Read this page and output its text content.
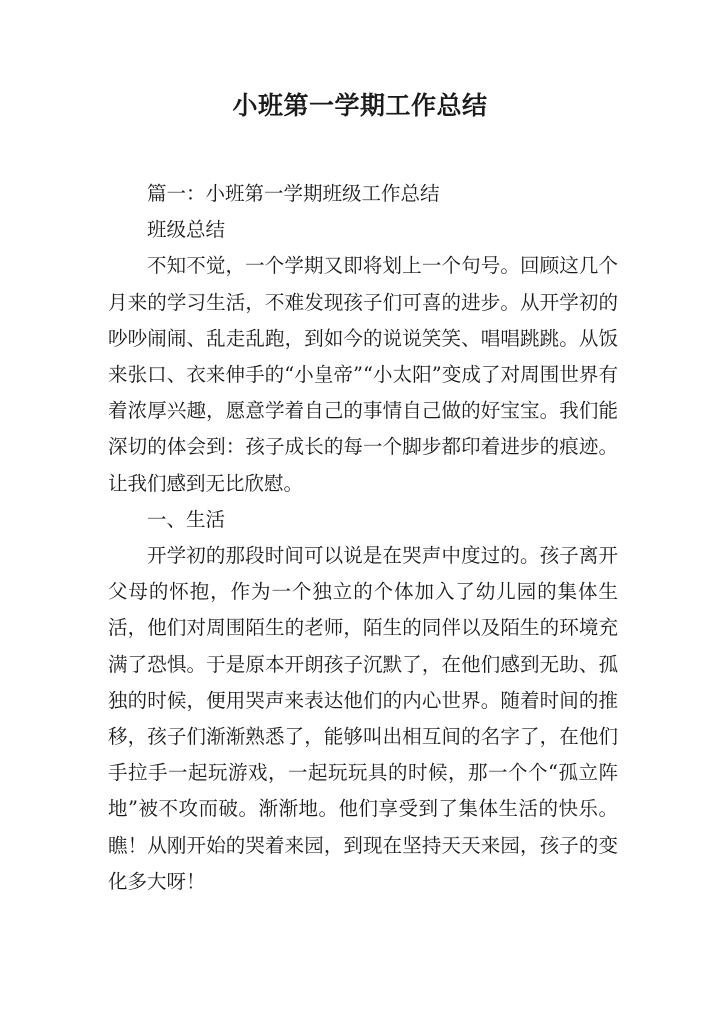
小班第一学期工作总结

篇一：小班第一学期班级工作总结

班级总结

不知不觉，一个学期又即将划上一个句号。回顾这几个月来的学习生活，不难发现孩子们可喜的进步。从开学初的吵吵闹闹、乱走乱跑，到如今的说说笑笑、唱唱跳跳。从饭来张口、衣来伸手的“小皇帝”“小太阳”变成了对周围世界有着浓厚兴趣，愿意学着自己的事情自己做的好宝宝。我们能深切的体会到：孩子成长的每一个脚步都印着进步的痕迹。让我们感到无比欣慰。

一、生活

开学初的那段时间可以说是在哭声中度过的。孩子离开父母的怀抱，作为一个独立的个体加入了幼儿园的集体生活，他们对周围陌生的老师，陌生的同伴以及陌生的环境充满了恐惧。于是原本开朗孩子沉默了，在他们感到无助、孤独的时候，便用哭声来表达他们的内心世界。随着时间的推移，孩子们渐渐熟悉了，能够叫出相互间的名字了，在他们手拉手一起玩游戏，一起玩玩具的时候，那一个个“孤立阵地”被不攻而破。渐渐地。他们享受到了集体生活的快乐。瞧！从刚开始的哭着来园，到现在坚持天天来园，孩子的变化多大呀！
